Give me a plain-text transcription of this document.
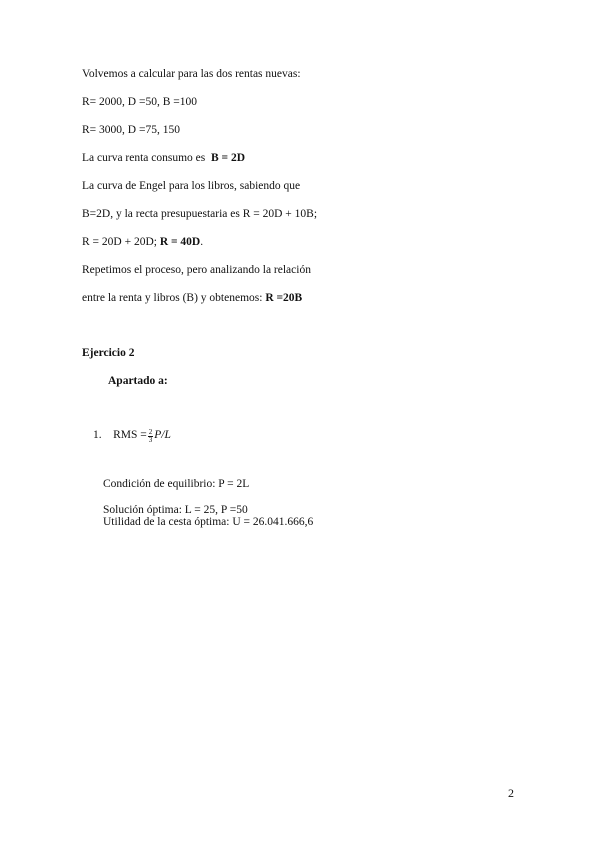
Volvemos a calcular para las dos rentas nuevas:
R= 2000, D =50, B =100
R= 3000, D =75, 150
La curva renta consumo es B = 2D
La curva de Engel para los libros, sabiendo que
B=2D, y la recta presupuestaria es R = 20D + 10B;
R = 20D + 20D; R = 40D.
Repetimos el proceso, pero analizando la relación
entre la renta y libros (B) y obtenemos: R =20B
Ejercicio 2
Apartado a:
1. RMS = $\frac{2}{3} P/L$
Condición de equilibrio: P = 2L
Solución óptima: L = 25, P =50
Utilidad de la cesta óptima: U = 26.041.666,6
2
